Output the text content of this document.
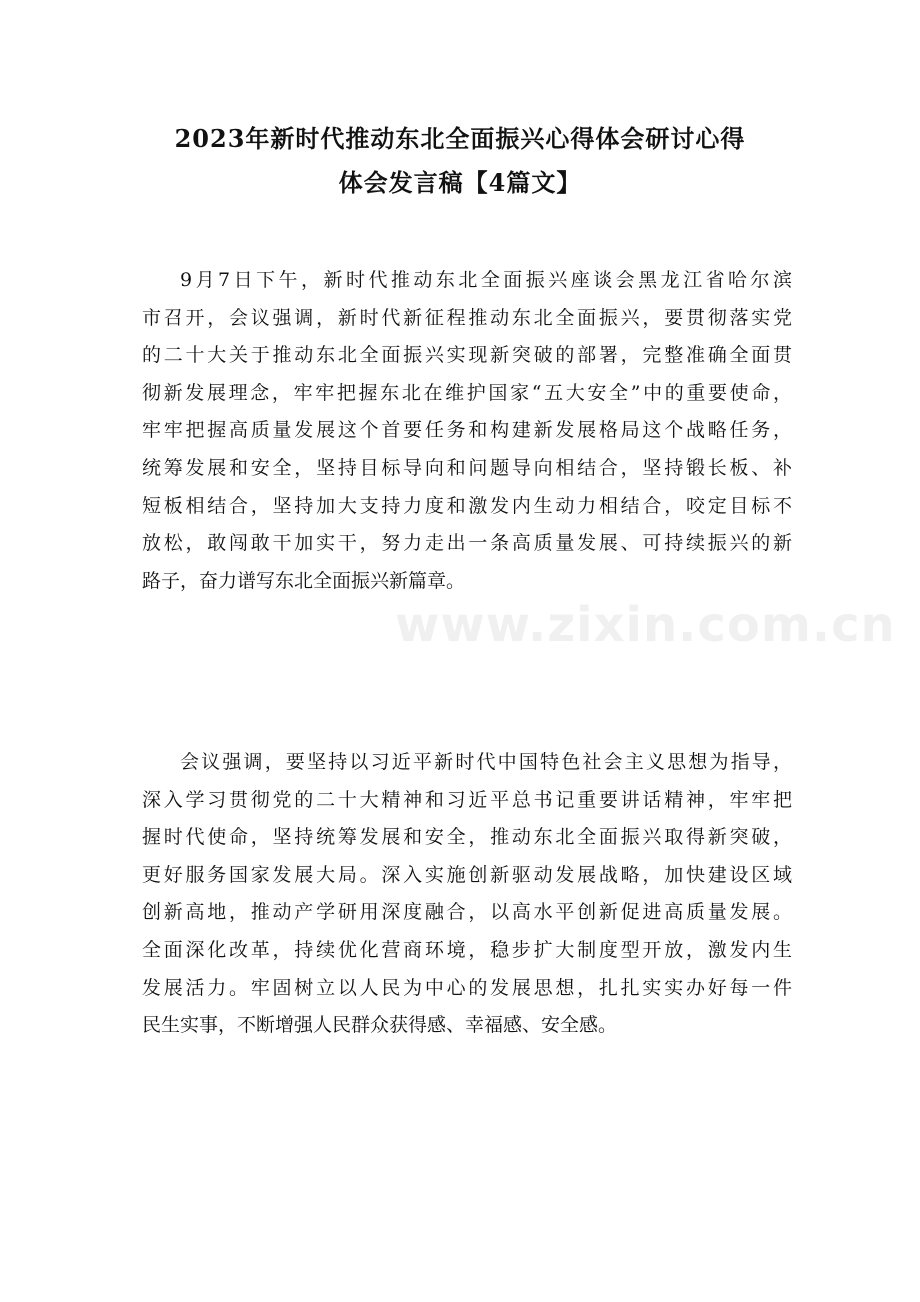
2023年新时代推动东北全面振兴心得体会研讨心得
体会发言稿【4篇文】
www.zixin.com.cn

9月7日下午，新时代推动东北全面振兴座谈会黑龙江省哈尔滨
市召开，会议强调，新时代新征程推动东北全面振兴，要贯彻落实党
的二十大关于推动东北全面振兴实现新突破的部署，完整准确全面贯
彻新发展理念，牢牢把握东北在维护国家“五大安全”中的重要使命，
牢牢把握高质量发展这个首要任务和构建新发展格局这个战略任务，
统筹发展和安全，坚持目标导向和问题导向相结合，坚持锻长板、补
短板相结合，坚持加大支持力度和激发内生动力相结合，咬定目标不
放松，敢闯敢干加实干，努力走出一条高质量发展、可持续振兴的新
路子，奋力谱写东北全面振兴新篇章。

会议强调，要坚持以习近平新时代中国特色社会主义思想为指导，
深入学习贯彻党的二十大精神和习近平总书记重要讲话精神，牢牢把
握时代使命，坚持统筹发展和安全，推动东北全面振兴取得新突破，
更好服务国家发展大局。深入实施创新驱动发展战略，加快建设区域
创新高地，推动产学研用深度融合，以高水平创新促进高质量发展。
全面深化改革，持续优化营商环境，稳步扩大制度型开放，激发内生
发展活力。牢固树立以人民为中心的发展思想，扎扎实实办好每一件
民生实事，不断增强人民群众获得感、幸福感、安全感。
